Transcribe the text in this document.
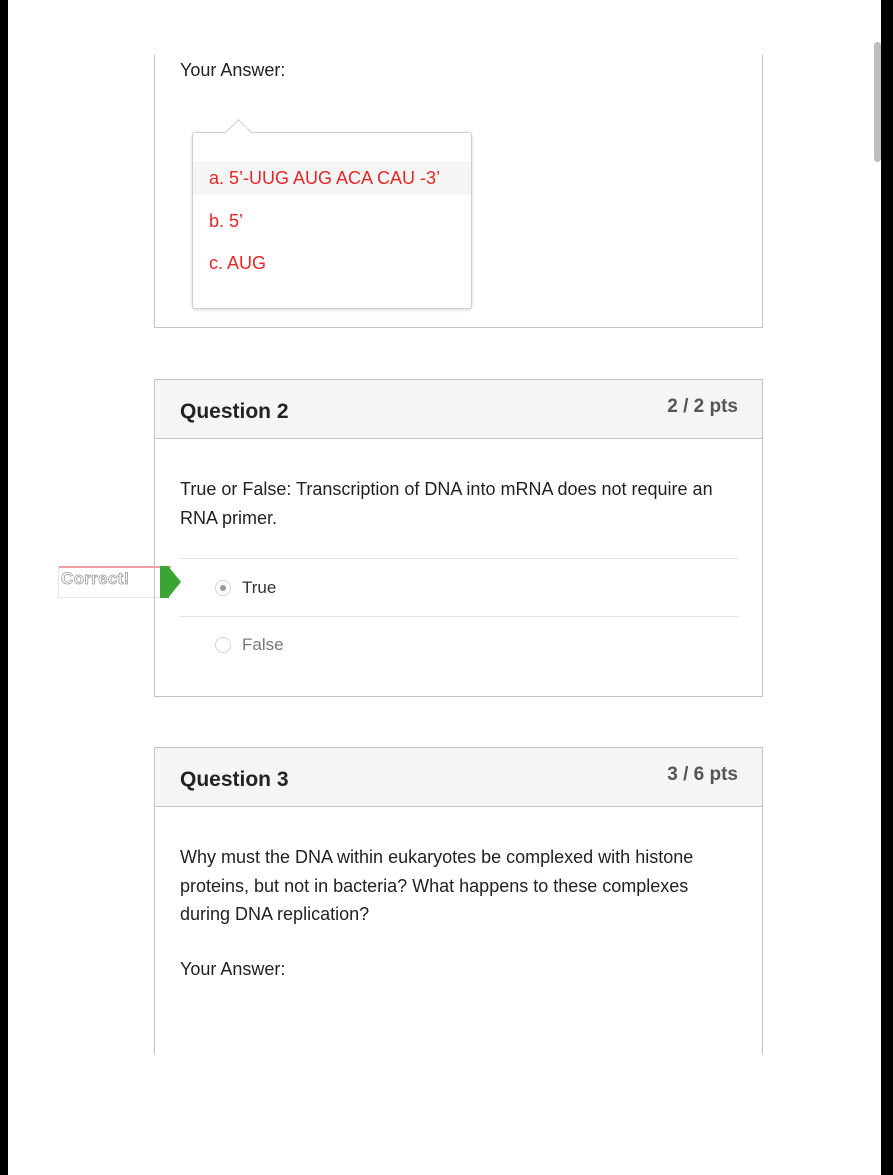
Your Answer:
a. 5’-UUG AUG ACA CAU -3’
b. 5’
c. AUG
Correct!
Question 2	2 / 2 pts
True or False: Transcription of DNA into mRNA does not require an RNA primer.
True
False
Question 3	3 / 6 pts
Why must the DNA within eukaryotes be complexed with histone proteins, but not in bacteria? What happens to these complexes during DNA replication?
Your Answer:
